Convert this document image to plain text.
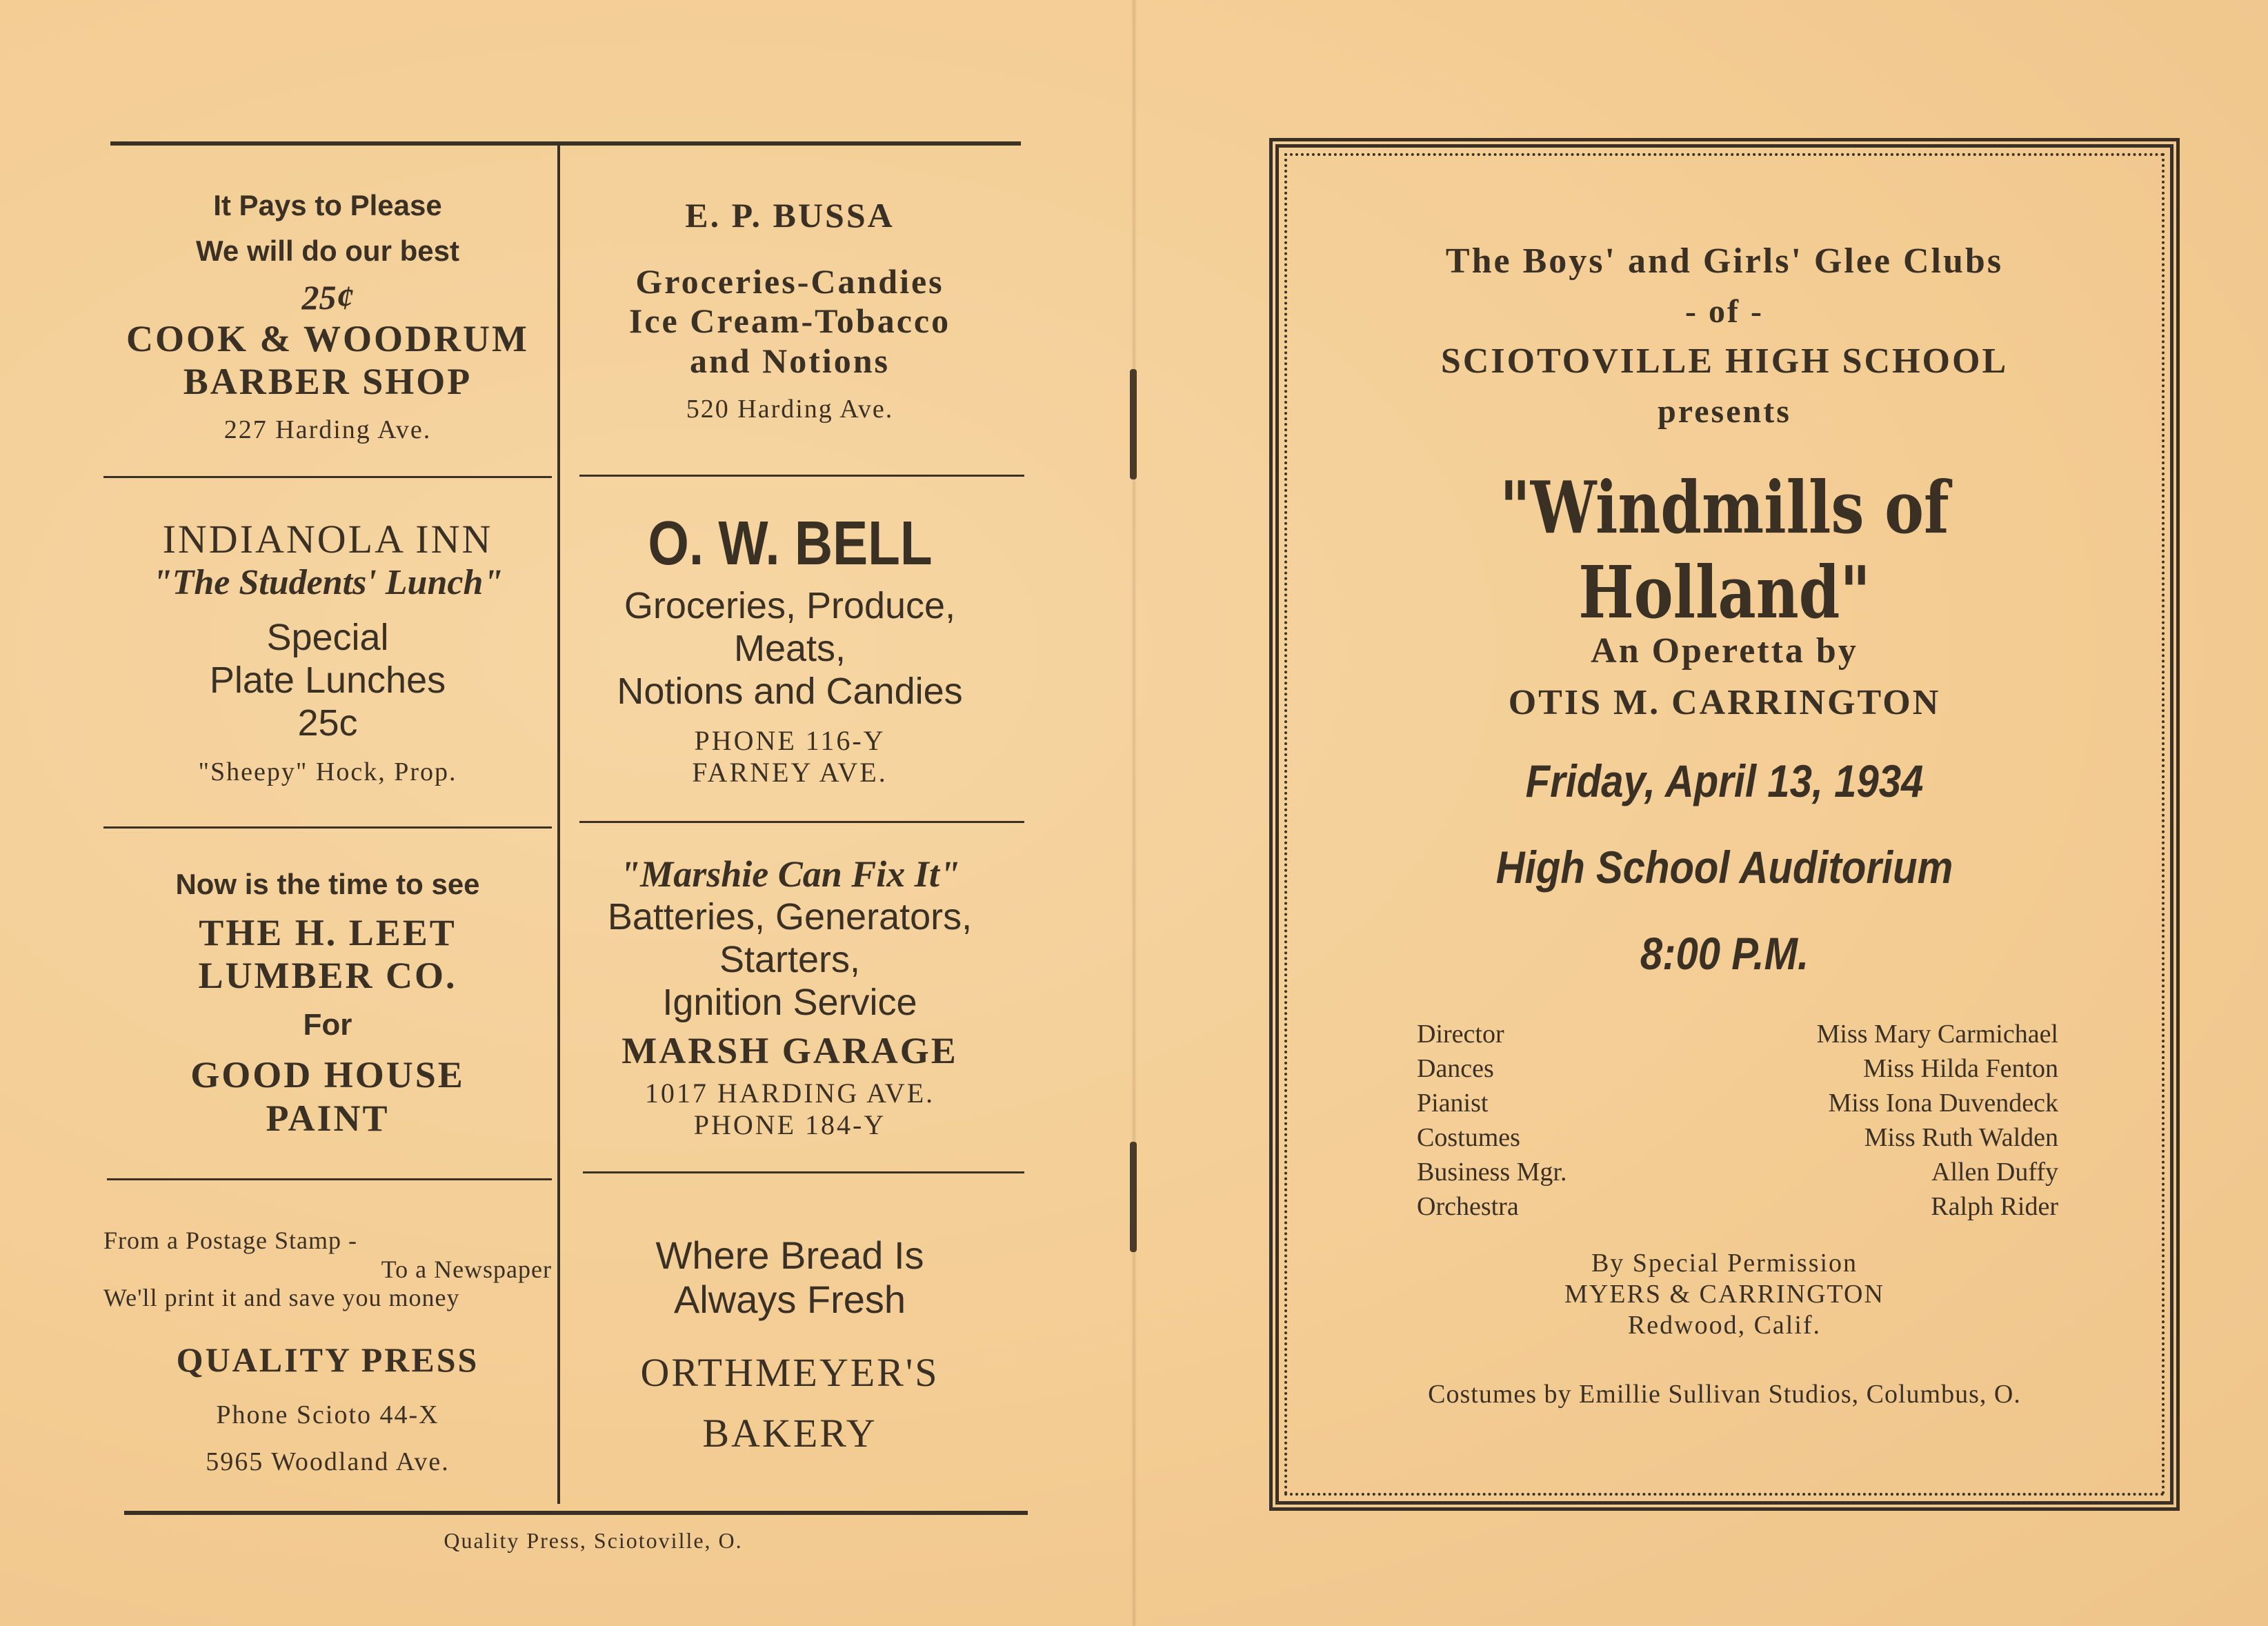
It Pays to Please
We will do our best
25¢
COOK & WOODRUM
BARBER SHOP
227 Harding Ave.
E. P. BUSSA
Groceries-Candies
Ice Cream-Tobacco
and Notions
520 Harding Ave.
INDIANOLA INN
"The Students' Lunch"
Special
Plate Lunches
25c
"Sheepy" Hock, Prop.
O. W. BELL
Groceries, Produce,
Meats,
Notions and Candies
PHONE 116-Y
FARNEY AVE.
Now is the time to see
THE H. LEET
LUMBER CO.
For
GOOD HOUSE
PAINT
"Marshie Can Fix It"
Batteries, Generators,
Starters,
Ignition Service
MARSH GARAGE
1017 HARDING AVE.
PHONE 184-Y
From a Postage Stamp -
To a Newspaper
We'll print it and save you money
QUALITY PRESS
Phone Scioto 44-X
5965 Woodland Ave.
Where Bread Is
Always Fresh
ORTHMEYER'S
BAKERY
Quality Press, Sciotoville, O.
The Boys' and Girls' Glee Clubs
- of -
SCIOTOVILLE HIGH SCHOOL
presents
"Windmills of Holland"
An Operetta by
OTIS M. CARRINGTON
Friday, April 13, 1934
High School Auditorium
8:00 P.M.
Director	Miss Mary Carmichael
Dances	Miss Hilda Fenton
Pianist	Miss Iona Duvendeck
Costumes	Miss Ruth Walden
Business Mgr.	Allen Duffy
Orchestra	Ralph Rider
By Special Permission
MYERS & CARRINGTON
Redwood, Calif.
Costumes by Emillie Sullivan Studios, Columbus, O.
